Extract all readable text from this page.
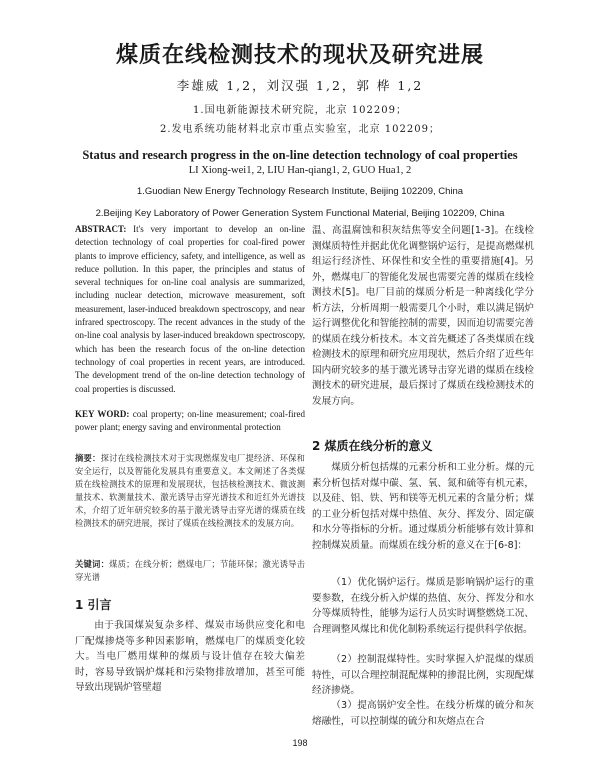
煤质在线检测技术的现状及研究进展
李雄威 1,2，刘汉强 1,2，郭 桦 1,2
1.国电新能源技术研究院，北京 102209；
2.发电系统功能材料北京市重点实验室，北京 102209；
Status and research progress in the on-line detection technology of coal properties
LI Xiong-wei1, 2, LIU Han-qiang1, 2, GUO Hua1, 2
1.Guodian New Energy Technology Research Institute, Beijing 102209, China
2.Beijing Key Laboratory of Power Generation System Functional Material, Beijing 102209, China
ABSTRACT: It's very important to develop an on-line detection technology of coal properties for coal-fired power plants to improve efficiency, safety, and intelligence, as well as reduce pollution. In this paper, the principles and status of several techniques for on-line coal analysis are summarized, including nuclear detection, microwave measurement, soft measurement, laser-induced breakdown spectroscopy, and near infrared spectroscopy. The recent advances in the study of the on-line coal analysis by laser-induced breakdown spectroscopy, which has been the research focus of the on-line detection technology of coal properties in recent years, are introduced. The development trend of the on-line detection technology of coal properties is discussed.
KEY WORD: coal property; on-line measurement; coal-fired power plant; energy saving and environmental protection
摘要：探讨在线检测技术对于实现燃煤发电厂提经济、环保和安全运行，以及智能化发展具有重要意义。本文阐述了各类煤质在线检测技术的原理和发展现状，包括核检测技术、微波测量技术、软测量技术、激光诱导击穿光谱技术和近红外光谱技术，介绍了近年研究较多的基于激光诱导击穿光谱的煤质在线检测技术的研究进展，探讨了煤质在线检测技术的发展方向。
关键词：煤质；在线分析；燃煤电厂；节能环保；激光诱导击穿光谱
1 引言
由于我国煤炭复杂多样、煤炭市场供应变化和电厂配煤掺烧等多种因素影响，燃煤电厂的煤质变化较大。当电厂燃用煤种的煤质与设计值存在较大偏差时，容易导致锅炉煤耗和污染物排放增加，甚至可能导致出现锅炉管壁超
温、高温腐蚀和积灰结焦等安全问题[1-3]。在线检测煤质特性并据此优化调整锅炉运行，是提高燃煤机组运行经济性、环保性和安全性的重要措施[4]。另外，燃煤电厂的智能化发展也需要完善的煤质在线检测技术[5]。电厂目前的煤质分析是一种离线化学分析方法，分析周期一般需要几个小时，难以满足锅炉运行调整优化和智能控制的需要，因而迫切需要完善的煤质在线分析技术。本文首先概述了各类煤质在线检测技术的原理和研究应用现状，然后介绍了近些年国内研究较多的基于激光诱导击穿光谱的煤质在线检测技术的研究进展，最后探讨了煤质在线检测技术的发展方向。
2 煤质在线分析的意义
煤质分析包括煤的元素分析和工业分析。煤的元素分析包括对煤中碳、氢、氧、氮和硫等有机元素，以及硅、铝、铁、钙和镁等无机元素的含量分析；煤的工业分析包括对煤中热值、灰分、挥发分、固定碳和水分等指标的分析。通过煤质分析能够有效计算和控制煤炭质量。而煤质在线分析的意义在于[6-8]：
（1）优化锅炉运行。煤质是影响锅炉运行的重要参数，在线分析入炉煤的热值、灰分、挥发分和水分等煤质特性，能够为运行人员实时调整燃烧工况、合理调整风煤比和优化制粉系统运行提供科学依据。
（2）控制混煤特性。实时掌握入炉混煤的煤质特性，可以合理控制混配煤种的掺混比例，实现配煤经济掺烧。
（3）提高锅炉安全性。在线分析煤的硫分和灰熔融性，可以控制煤的硫分和灰熔点在合
198
